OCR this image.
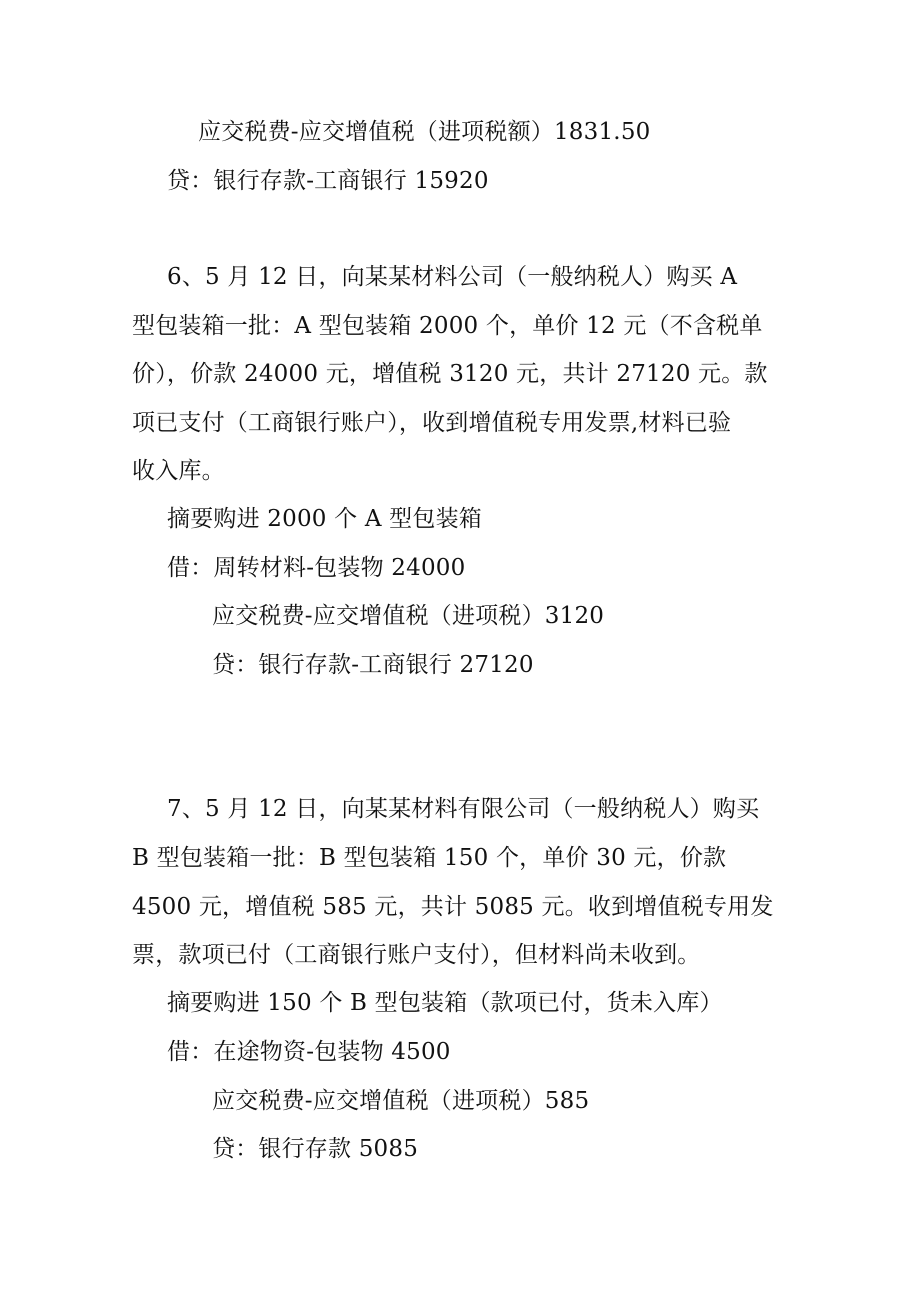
应交税费-应交增值税（进项税额）1831.50
贷：银行存款-工商银行 15920
6、5 月 12 日，向某某材料公司（一般纳税人）购买 A
型包装箱一批：A 型包装箱 2000 个，单价 12 元（不含税单
价），价款 24000 元，增值税 3120 元，共计 27120 元。款
项已支付（工商银行账户），收到增值税专用发票,材料已验
收入库。
摘要购进 2000 个 A 型包装箱
借：周转材料-包装物 24000
应交税费-应交增值税（进项税）3120
贷：银行存款-工商银行 27120
7、5 月 12 日，向某某材料有限公司（一般纳税人）购买
B 型包装箱一批：B 型包装箱 150 个，单价 30 元，价款
4500 元，增值税 585 元，共计 5085 元。收到增值税专用发
票，款项已付（工商银行账户支付），但材料尚未收到。
摘要购进 150 个 B 型包装箱（款项已付，货未入库）
借：在途物资-包装物 4500
应交税费-应交增值税（进项税）585
贷：银行存款 5085
